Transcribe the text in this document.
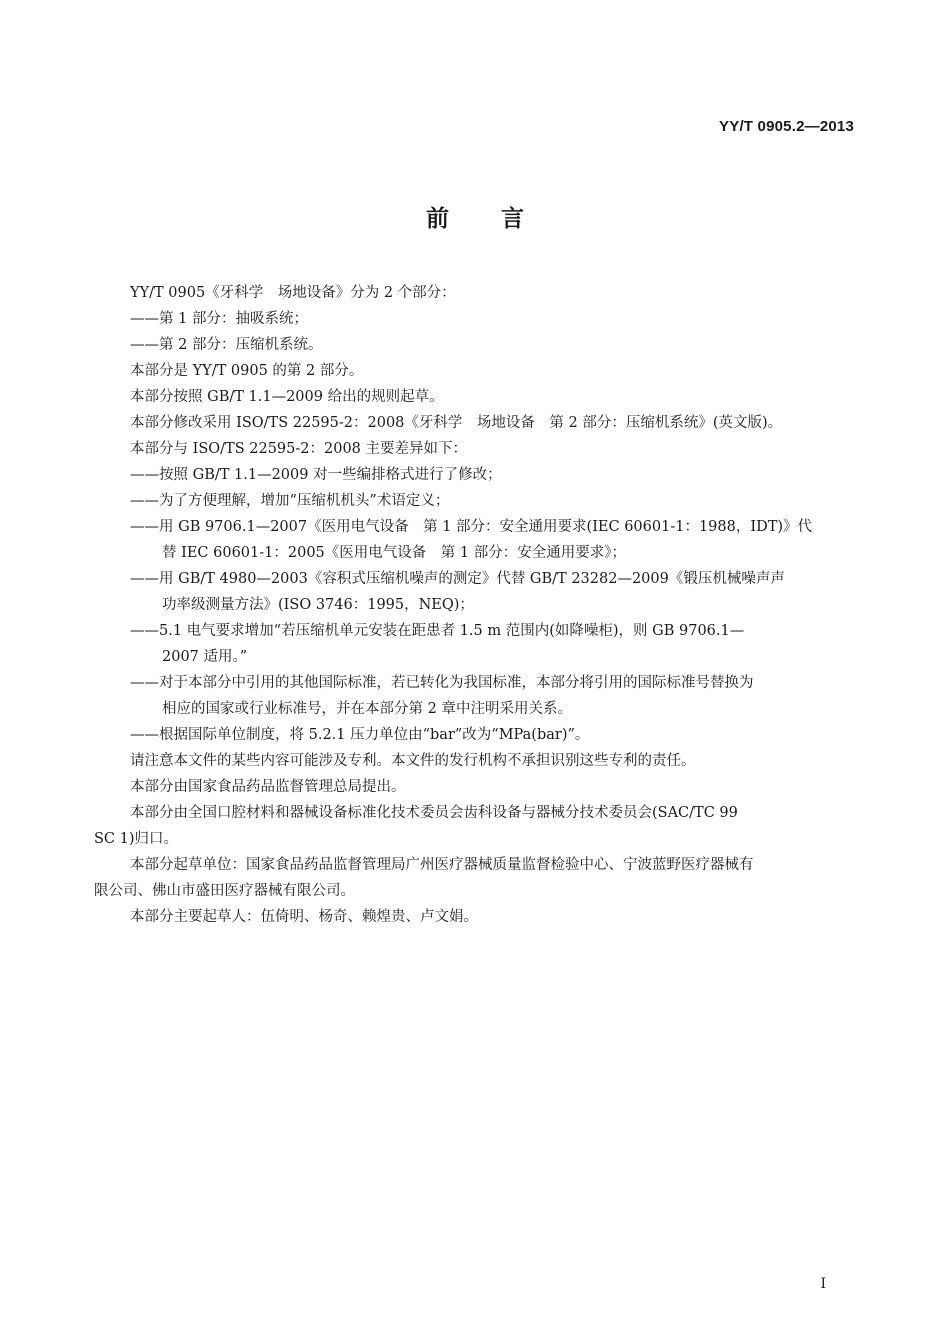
YY/T 0905.2—2013
前言

YY/T 0905《牙科学　场地设备》分为 2 个部分：

——第 1 部分：抽吸系统；

——第 2 部分：压缩机系统。

本部分是 YY/T 0905 的第 2 部分。

本部分按照 GB/T 1.1—2009 给出的规则起草。

本部分修改采用 ISO/TS 22595-2：2008《牙科学　场地设备　第 2 部分：压缩机系统》(英文版)。

本部分与 ISO/TS 22595-2：2008 主要差异如下：

——按照 GB/T 1.1—2009 对一些编排格式进行了修改；

——为了方便理解，增加“压缩机机头”术语定义；

——用 GB 9706.1—2007《医用电气设备　第 1 部分：安全通用要求(IEC 60601-1：1988，IDT)》代

替 IEC 60601-1：2005《医用电气设备　第 1 部分：安全通用要求》；

——用 GB/T 4980—2003《容积式压缩机噪声的测定》代替 GB/T 23282—2009《锻压机械噪声声

功率级测量方法》(ISO 3746：1995，NEQ)；

——5.1 电气要求增加“若压缩机单元安装在距患者 1.5 m 范围内(如降噪柜)，则 GB 9706.1—

2007 适用。”

——对于本部分中引用的其他国际标准，若已转化为我国标准，本部分将引用的国际标准号替换为

相应的国家或行业标准号，并在本部分第 2 章中注明采用关系。

——根据国际单位制度，将 5.2.1 压力单位由“bar”改为“MPa(bar)”。

请注意本文件的某些内容可能涉及专利。本文件的发行机构不承担识别这些专利的责任。

本部分由国家食品药品监督管理总局提出。

本部分由全国口腔材料和器械设备标准化技术委员会齿科设备与器械分技术委员会(SAC/TC 99

SC 1)归口。

本部分起草单位：国家食品药品监督管理局广州医疗器械质量监督检验中心、宁波蓝野医疗器械有

限公司、佛山市盛田医疗器械有限公司。

本部分主要起草人：伍倚明、杨奇、赖煌贵、卢文娟。

I
